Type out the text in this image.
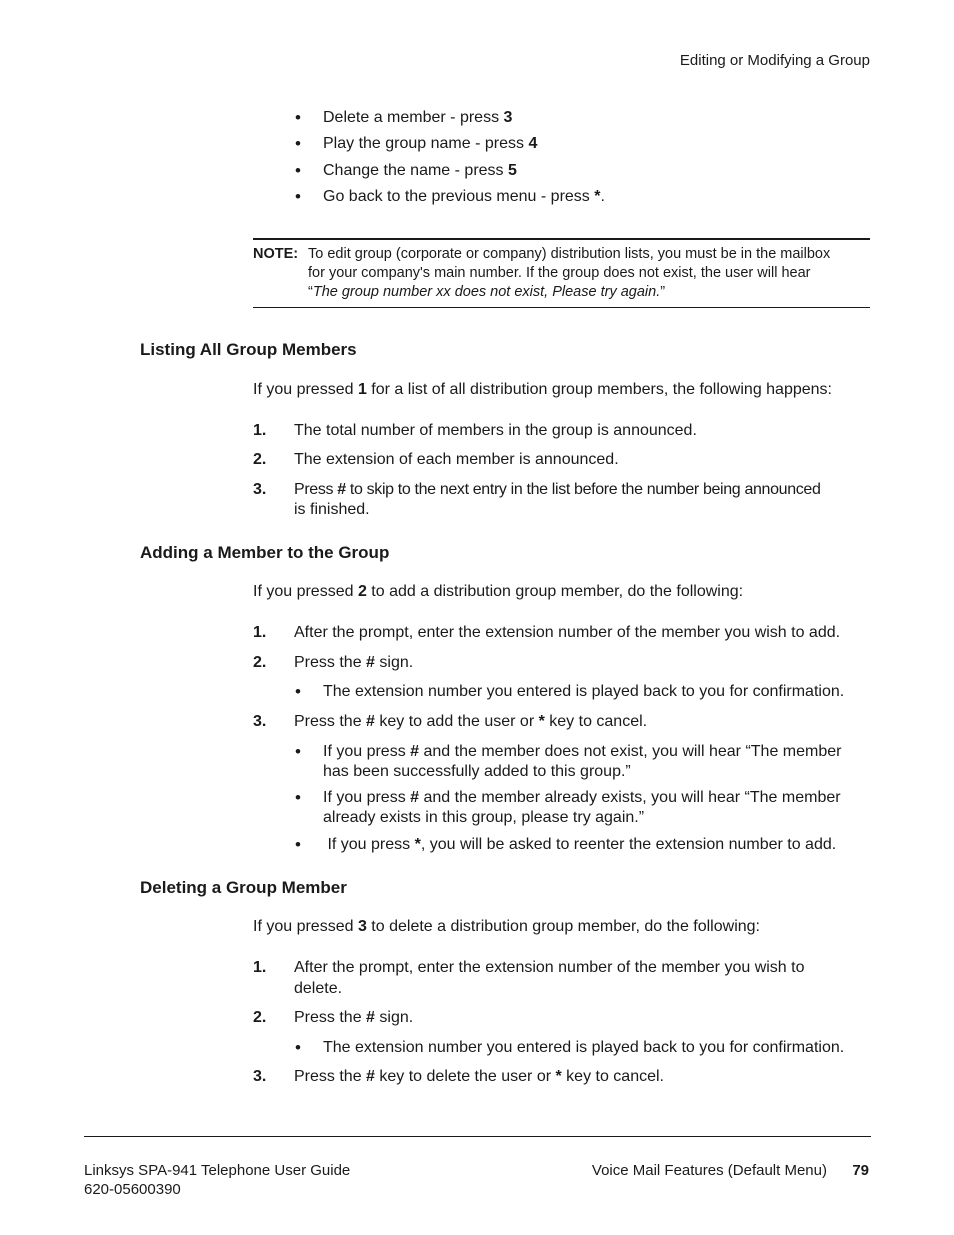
Editing or Modifying a Group
• Delete a member - press 3
• Play the group name - press 4
• Change the name - press 5
• Go back to the previous menu - press *.
NOTE: To edit group (corporate or company) distribution lists, you must be in the mailbox
for your company's main number. If the group does not exist, the user will hear
“The group number xx does not exist, Please try again.”
Listing All Group Members
If you pressed 1 for a list of all distribution group members, the following happens:
1. The total number of members in the group is announced.
2. The extension of each member is announced.
3. Press # to skip to the next entry in the list before the number being announced
is finished.
Adding a Member to the Group
If you pressed 2 to add a distribution group member, do the following:
1. After the prompt, enter the extension number of the member you wish to add.
2. Press the # sign.
• The extension number you entered is played back to you for confirmation.
3. Press the # key to add the user or * key to cancel.
• If you press # and the member does not exist, you will hear “The member
has been successfully added to this group.”
• If you press # and the member already exists, you will hear “The member
already exists in this group, please try again.”
• If you press *, you will be asked to reenter the extension number to add.
Deleting a Group Member
If you pressed 3 to delete a distribution group member, do the following:
1. After the prompt, enter the extension number of the member you wish to
delete.
2. Press the # sign.
• The extension number you entered is played back to you for confirmation.
3. Press the # key to delete the user or * key to cancel.
Linksys SPA-941 Telephone User Guide
620-05600390
Voice Mail Features (Default Menu) 79
